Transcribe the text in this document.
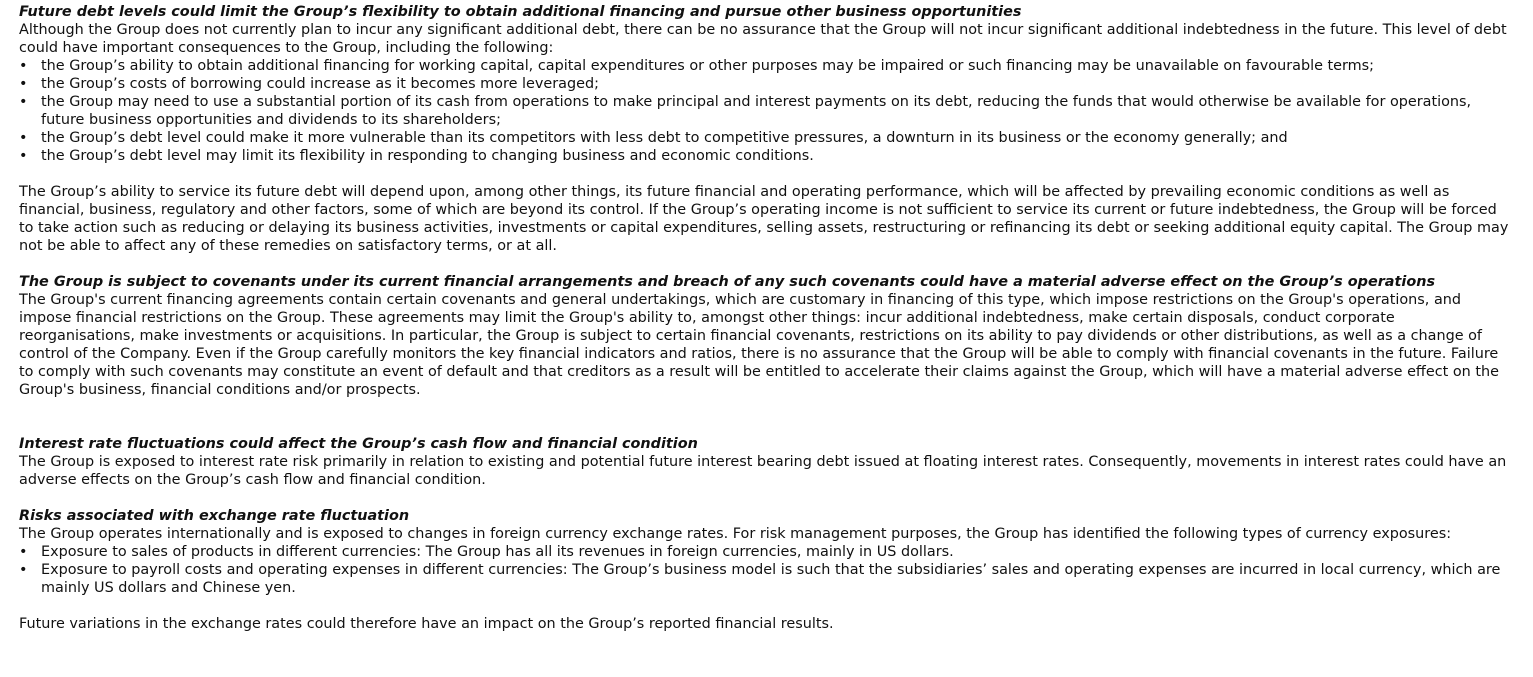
Future debt levels could limit the Group’s flexibility to obtain additional financing and pursue other business opportunities

Although the Group does not currently plan to incur any significant additional debt, there can be no assurance that the Group will not incur significant additional indebtedness in the future. This level of debt could have important consequences to the Group, including the following:

• the Group’s ability to obtain additional financing for working capital, capital expenditures or other purposes may be impaired or such financing may be unavailable on favourable terms;
• the Group’s costs of borrowing could increase as it becomes more leveraged;
• the Group may need to use a substantial portion of its cash from operations to make principal and interest payments on its debt, reducing the funds that would otherwise be available for operations, future business opportunities and dividends to its shareholders;
• the Group’s debt level could make it more vulnerable than its competitors with less debt to competitive pressures, a downturn in its business or the economy generally; and
• the Group’s debt level may limit its flexibility in responding to changing business and economic conditions.

The Group’s ability to service its future debt will depend upon, among other things, its future financial and operating performance, which will be affected by prevailing economic conditions as well as financial, business, regulatory and other factors, some of which are beyond its control. If the Group’s operating income is not sufficient to service its current or future indebtedness, the Group will be forced to take action such as reducing or delaying its business activities, investments or capital expenditures, selling assets, restructuring or refinancing its debt or seeking additional equity capital. The Group may not be able to affect any of these remedies on satisfactory terms, or at all.

The Group is subject to covenants under its current financial arrangements and breach of any such covenants could have a material adverse effect on the Group’s operations

The Group's current financing agreements contain certain covenants and general undertakings, which are customary in financing of this type, which impose restrictions on the Group's operations, and impose financial restrictions on the Group. These agreements may limit the Group's ability to, amongst other things: incur additional indebtedness, make certain disposals, conduct corporate reorganisations, make investments or acquisitions. In particular, the Group is subject to certain financial covenants, restrictions on its ability to pay dividends or other distributions, as well as a change of control of the Company. Even if the Group carefully monitors the key financial indicators and ratios, there is no assurance that the Group will be able to comply with financial covenants in the future. Failure to comply with such covenants may constitute an event of default and that creditors as a result will be entitled to accelerate their claims against the Group, which will have a material adverse effect on the Group's business, financial conditions and/or prospects.

Interest rate fluctuations could affect the Group’s cash flow and financial condition

The Group is exposed to interest rate risk primarily in relation to existing and potential future interest bearing debt issued at floating interest rates. Consequently, movements in interest rates could have an adverse effects on the Group’s cash flow and financial condition.

Risks associated with exchange rate fluctuation

The Group operates internationally and is exposed to changes in foreign currency exchange rates. For risk management purposes, the Group has identified the following types of currency exposures:

• Exposure to sales of products in different currencies: The Group has all its revenues in foreign currencies, mainly in US dollars.
• Exposure to payroll costs and operating expenses in different currencies: The Group’s business model is such that the subsidiaries’ sales and operating expenses are incurred in local currency, which are mainly US dollars and Chinese yen.

Future variations in the exchange rates could therefore have an impact on the Group’s reported financial results.
